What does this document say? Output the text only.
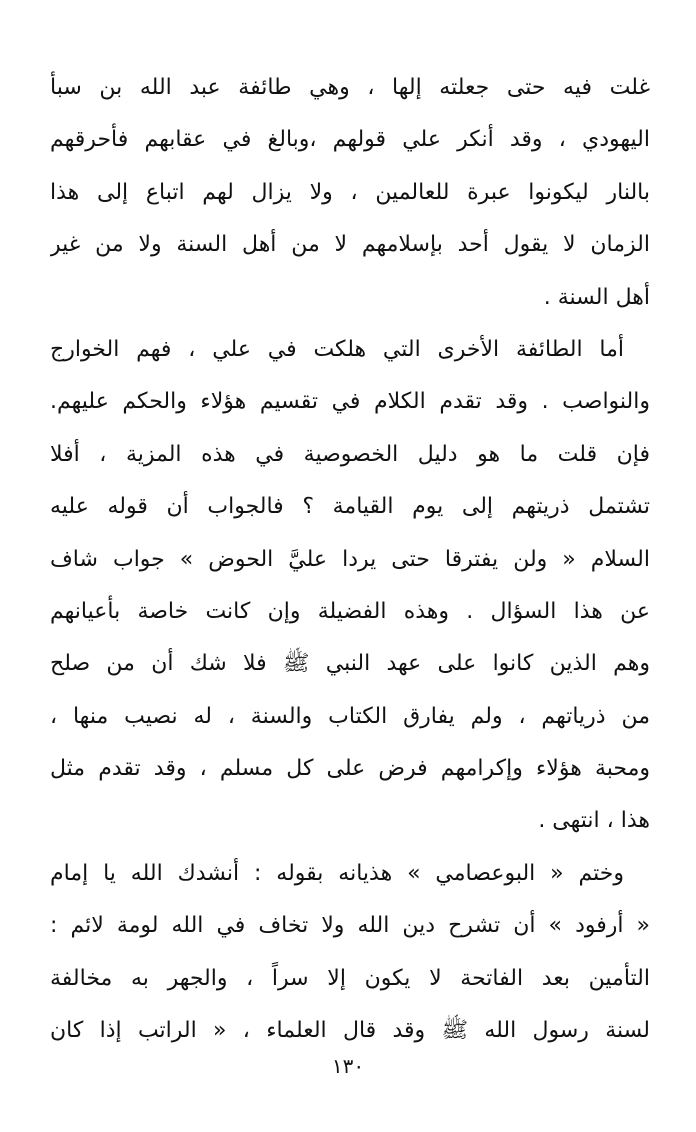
غلت فيه حتى جعلته إلها ، وهي طائفة عبد الله بن سبأ
اليهودي ، وقد أنكر علي قولهم ،وبالغ في عقابهم فأحرقهم
بالنار ليكونوا عبرة للعالمين ، ولا يزال لهم اتباع إلى هذا
الزمان لا يقول أحد بإسلامهم لا من أهل السنة ولا من غير
أهل السنة .
أما الطائفة الأخرى التي هلكت في علي ، فهم الخوارج
والنواصب . وقد تقدم الكلام في تقسيم هؤلاء والحكم عليهم.
فإن قلت ما هو دليل الخصوصية في هذه المزية ، أفلا
تشتمل ذريتهم إلى يوم القيامة ؟ فالجواب أن قوله عليه
السلام « ولن يفترقا حتى يردا عليَّ الحوض » جواب شاف
عن هذا السؤال . وهذه الفضيلة وإن كانت خاصة بأعيانهم
وهم الذين كانوا على عهد النبي ﷺ فلا شك أن من صلح
من ذرياتهم ، ولم يفارق الكتاب والسنة ، له نصيب منها ،
ومحبة هؤلاء وإكرامهم فرض على كل مسلم ، وقد تقدم مثل
هذا ، انتهى .
وختم « البوعصامي » هذيانه بقوله : أنشدك الله يا إمام
« أرفود » أن تشرح دين الله ولا تخاف في الله لومة لائم :
التأمين بعد الفاتحة لا يكون إلا سراً ، والجهر به مخالفة
لسنة رسول الله ﷺ وقد قال العلماء ، « الراتب إذا كان
١٣٠
